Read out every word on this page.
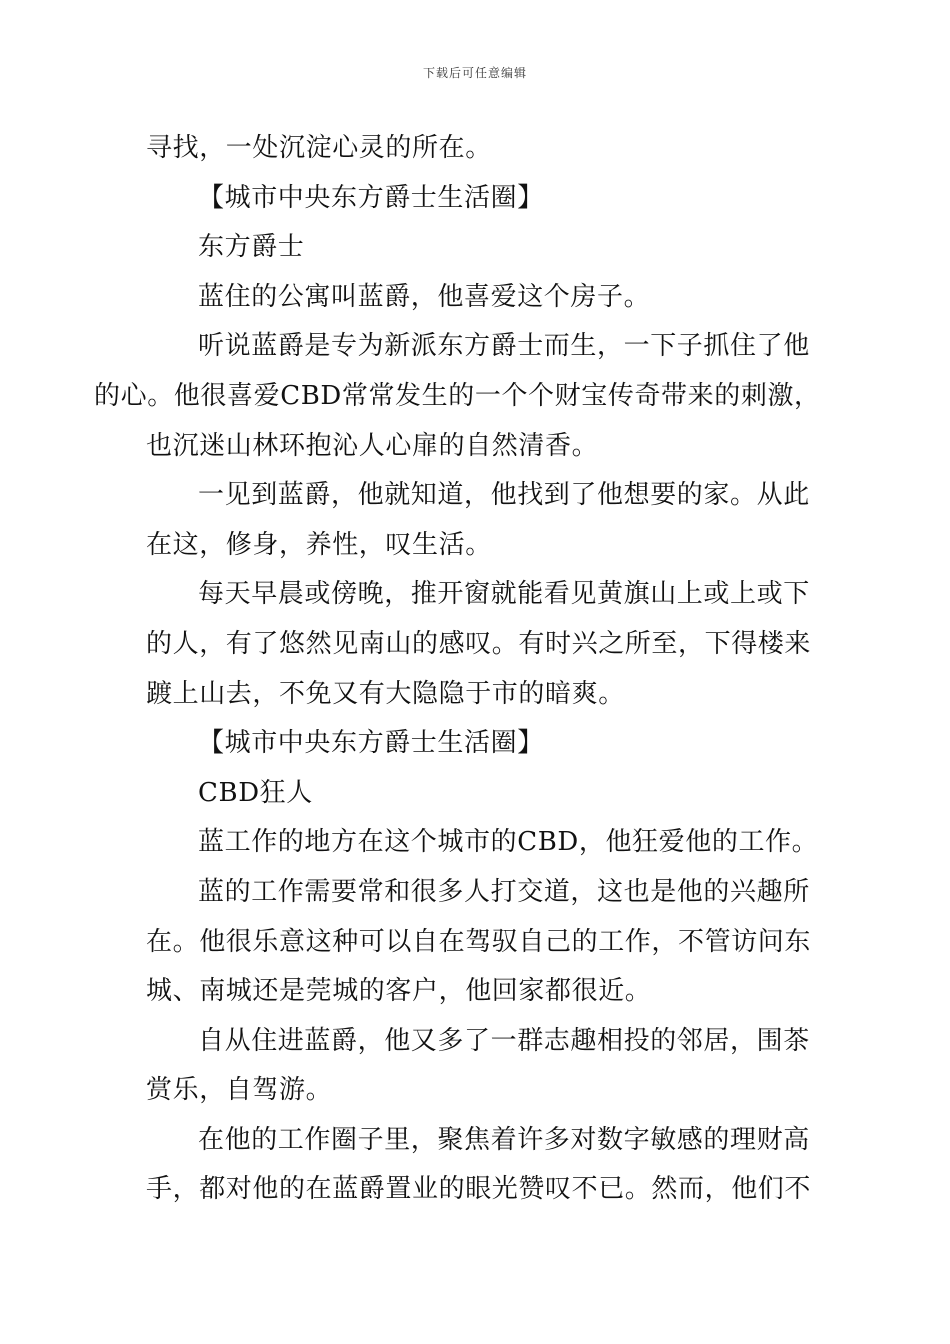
下载后可任意编辑
寻找，一处沉淀心灵的所在。
【城市中央东方爵士生活圈】
东方爵士
蓝住的公寓叫蓝爵，他喜爱这个房子。
听说蓝爵是专为新派东方爵士而生，一下子抓住了他
的心。他很喜爱CBD常常发生的一个个财宝传奇带来的刺激，
也沉迷山林环抱沁人心扉的自然清香。
一见到蓝爵，他就知道，他找到了他想要的家。从此
在这，修身，养性，叹生活。
每天早晨或傍晚，推开窗就能看见黄旗山上或上或下
的人，有了悠然见南山的感叹。有时兴之所至，下得楼来
踱上山去，不免又有大隐隐于市的暗爽。
【城市中央东方爵士生活圈】
CBD狂人
蓝工作的地方在这个城市的CBD，他狂爱他的工作。
蓝的工作需要常和很多人打交道，这也是他的兴趣所
在。他很乐意这种可以自在驾驭自己的工作，不管访问东
城、南城还是莞城的客户，他回家都很近。
自从住进蓝爵，他又多了一群志趣相投的邻居，围茶
赏乐，自驾游。
在他的工作圈子里，聚焦着许多对数字敏感的理财高
手，都对他的在蓝爵置业的眼光赞叹不已。然而，他们不
